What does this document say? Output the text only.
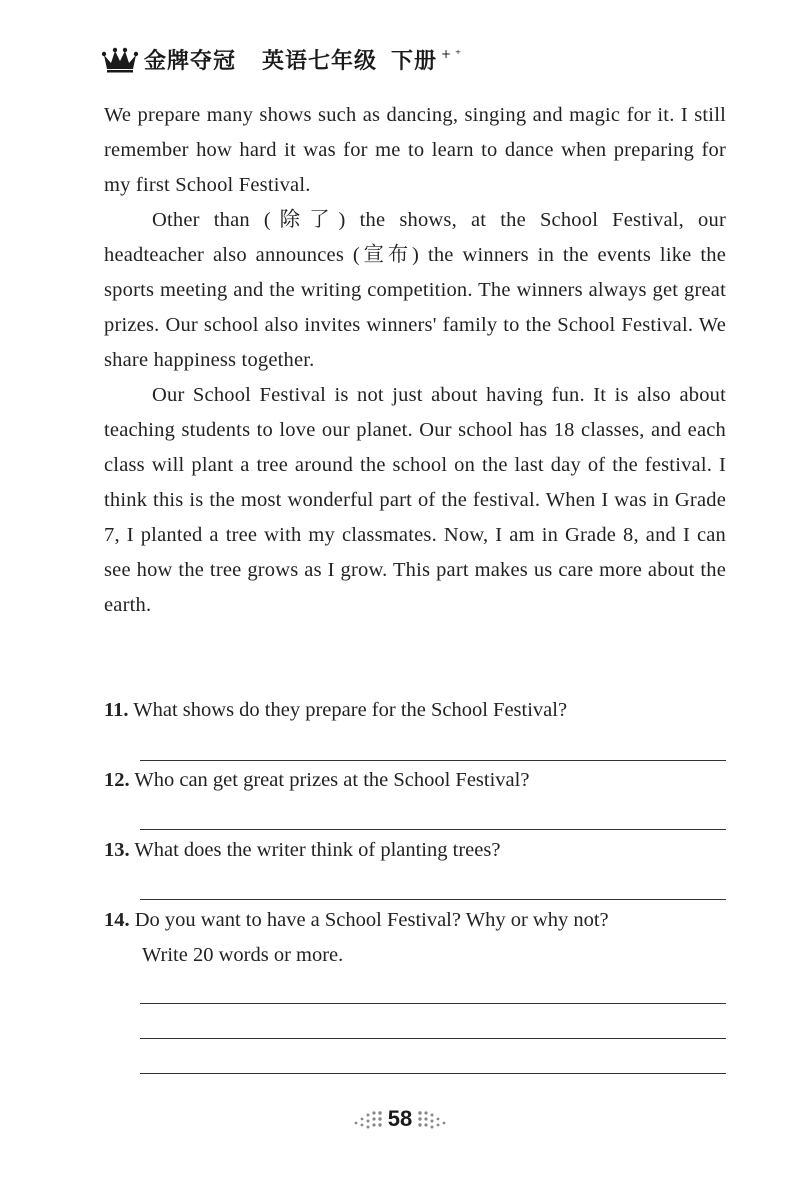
金牌夺冠 英语七年级 下册 + ⁺

We prepare many shows such as dancing, singing and magic for it. I still remember how hard it was for me to learn to dance when preparing for my first School Festival.

Other than (除了) the shows, at the School Festival, our headteacher also announces (宣布) the winners in the events like the sports meeting and the writing competition. The winners always get great prizes. Our school also invites winners' family to the School Festival. We share happiness together.

Our School Festival is not just about having fun. It is also about teaching students to love our planet. Our school has 18 classes, and each class will plant a tree around the school on the last day of the festival. I think this is the most wonderful part of the festival. When I was in Grade 7, I planted a tree with my classmates. Now, I am in Grade 8, and I can see how the tree grows as I grow. This part makes us care more about the earth.

11. What shows do they prepare for the School Festival?

12. Who can get great prizes at the School Festival?

13. What does the writer think of planting trees?

14. Do you want to have a School Festival? Why or why not?

Write 20 words or more.

58
